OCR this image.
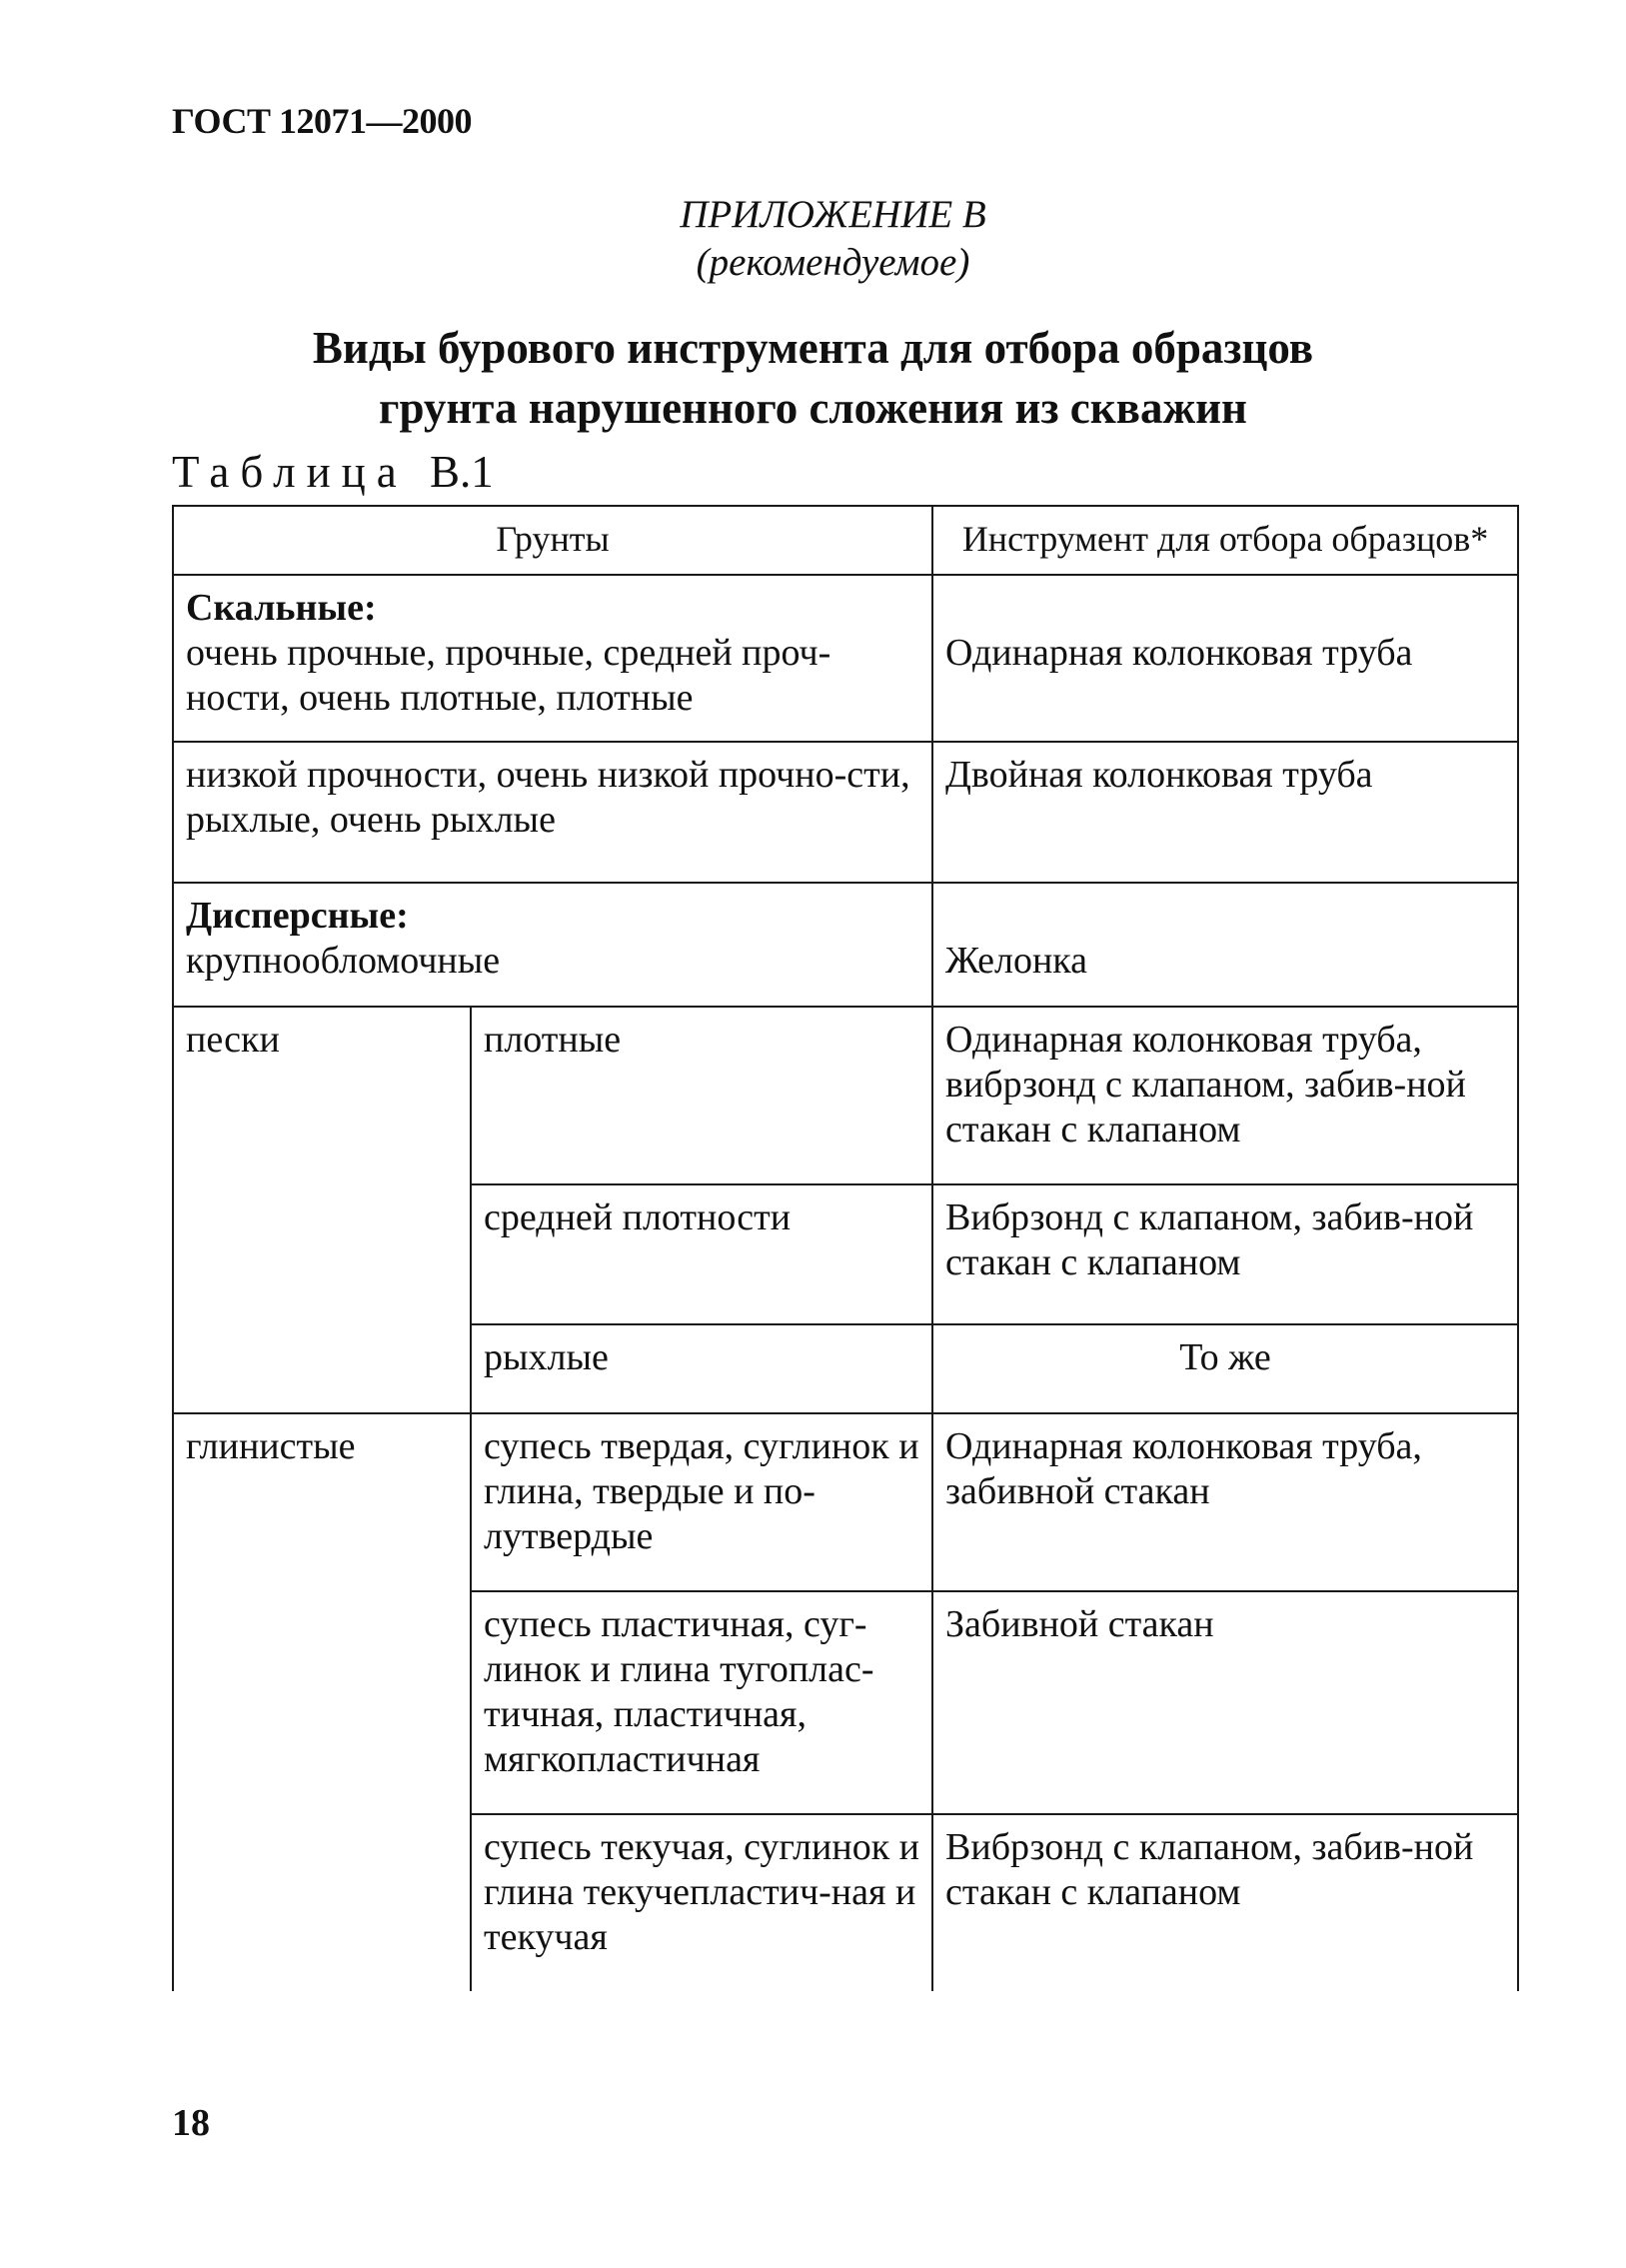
ГОСТ 12071—2000
ПРИЛОЖЕНИЕ В
(рекомендуемое)
Виды бурового инструмента для отбора образцов
грунта нарушенного сложения из скважин
Таблица В.1
Грунты		Инструмент для отбора образцов*

Скальные:
очень прочные, прочные, средней проч-ности, очень плотные, плотные		Одинарная колонковая труба

низкой прочности, очень низкой прочно-сти, рыхлые, очень рыхлые		Двойная колонковая труба

Дисперсные:
крупнообломочные		Желонка

пески	плотные	Одинарная колонковая труба, вибрзонд с клапаном, забив-ной стакан с клапаном
	средней плотности	Вибрзонд с клапаном, забив-ной стакан с клапаном
	рыхлые	То же
глинистые	супесь твердая, суглинок и глина, твердые и по-лутвердые	Одинарная колонковая труба, забивной стакан
	супесь пластичная, суг-линок и глина тугоплас-тичная, пластичная, мягкопластичная	Забивной стакан
	супесь текучая, суглинок и глина текучепластич-ная и текучая	Вибрзонд с клапаном, забив-ной стакан с клапаном
18
